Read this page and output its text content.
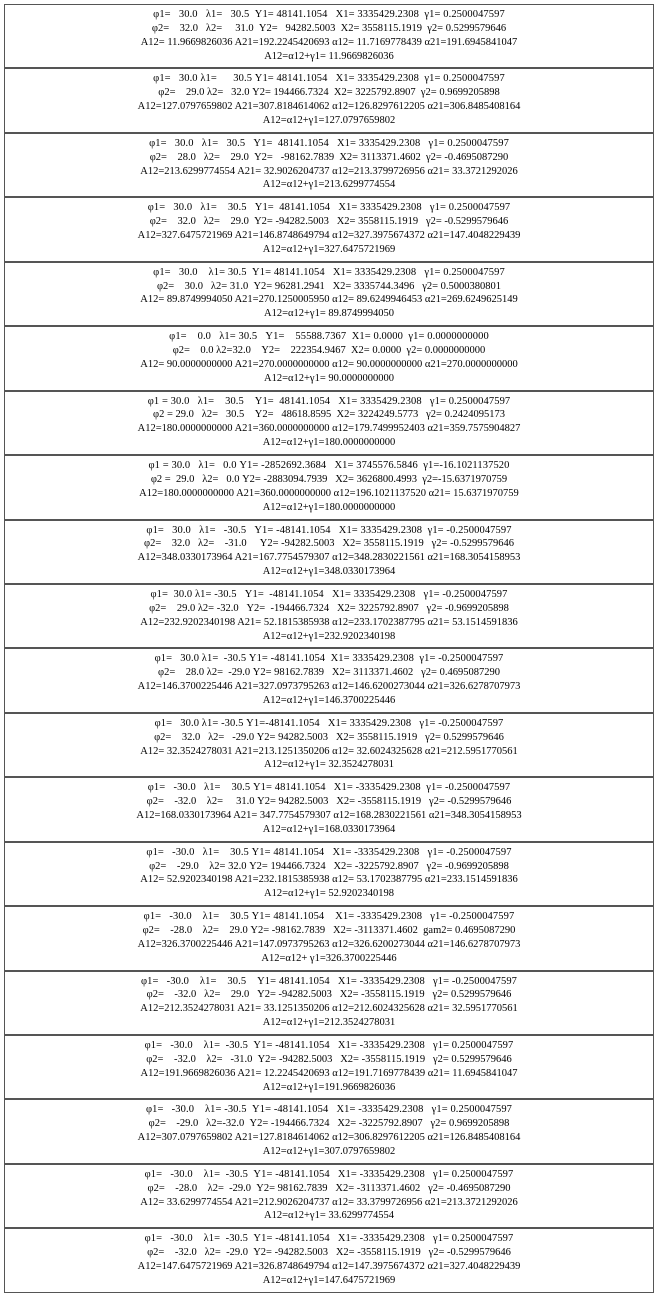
φ1=   30.0   λ1=   30.5  Y1= 48141.1054   X1= 3335429.2308  γ1= 0.2500047597
φ2=    32.0   λ2=     31.0  Y2=   94282.5003  X2= 3558115.1919  γ2= 0.5299579646
A12= 11.9669826036 A21=192.2245420693 α12= 11.7169778439 α21=191.6945841047
A12=α12+γ1= 11.9669826036
φ1=   30.0 λ1=      30.5 Y1= 48141.1054   X1= 3335429.2308  γ1= 0.2500047597
φ2=    29.0 λ2=   32.0 Y2= 194466.7324  X2= 3225792.8907  γ2= 0.9699205898
A12=127.0797659802 A21=307.8184614062 α12=126.8297612205 α21=306.8485408164
A12=α12+γ1=127.0797659802
φ1=   30.0   λ1=   30.5   Y1=  48141.1054   X1= 3335429.2308   γ1= 0.2500047597
φ2=    28.0   λ2=    29.0  Y2=   -98162.7839  X2= 3113371.4602  γ2= -0.4695087290
A12=213.6299774554 A21= 32.9026204737 α12=213.3799726956 α21= 33.3721292026
A12=α12+γ1=213.6299774554
φ1=   30.0   λ1=    30.5   Y1=  48141.1054   X1= 3335429.2308   γ1= 0.2500047597
φ2=    32.0   λ2=    29.0  Y2= -94282.5003   X2= 3558115.1919   γ2= -0.5299579646
A12=327.6475721969 A21=146.8748649794 α12=327.3975674372 α21=147.4048229439
A12=α12+γ1=327.6475721969
φ1=   30.0    λ1= 30.5  Y1= 48141.1054   X1= 3335429.2308   γ1= 0.2500047597
φ2=    30.0   λ2= 31.0  Y2= 96281.2941   X2= 3335744.3496   γ2= 0.5000380801
A12= 89.8749994050 A21=270.1250005950 α12= 89.6249946453 α21=269.6249625149
A12=α12+γ1= 89.8749994050
φ1=    0.0   λ1= 30.5   Y1=    55588.7367  X1= 0.0000  γ1= 0.0000000000
φ2=    0.0 λ2=32.0    Y2=    222354.9467  X2= 0.0000  γ2= 0.0000000000
A12= 90.0000000000 A21=270.0000000000 α12= 90.0000000000 α21=270.0000000000
A12=α12+γ1= 90.0000000000
φ1 = 30.0   λ1=    30.5    Y1=  48141.1054   X1= 3335429.2308   γ1= 0.2500047597
φ2 = 29.0   λ2=   30.5    Y2=   48618.8595  X2= 3224249.5773   γ2= 0.2424095173
A12=180.0000000000 A21=360.0000000000 α12=179.7499952403 α21=359.7575904827
A12=α12+γ1=180.0000000000
φ1 = 30.0   λ1=   0.0 Y1= -2852692.3684   X1= 3745576.5846  γ1=-16.1021137520
φ2 =  29.0   λ2=   0.0 Y2= -2883094.7939   X2= 3626800.4993  γ2=-15.6371970759
A12=180.0000000000 A21=360.0000000000 α12=196.1021137520 α21= 15.6371970759
A12=α12+γ1=180.0000000000
φ1=   30.0   λ1=   -30.5   Y1= -48141.1054   X1= 3335429.2308  γ1= -0.2500047597
φ2=    32.0   λ2=    -31.0     Y2= -94282.5003   X2= 3558115.1919   γ2= -0.5299579646
A12=348.0330173964 A21=167.7754579307 α12=348.2830221561 α21=168.3054158953
A12=α12+γ1=348.0330173964
φ1=  30.0 λ1= -30.5   Y1=  -48141.1054   X1= 3335429.2308   γ1= -0.2500047597
φ2=    29.0 λ2= -32.0   Y2=  -194466.7324   X2= 3225792.8907   γ2= -0.9699205898
A12=232.9202340198 A21= 52.1815385938 α12=233.1702387795 α21= 53.1514591836
A12=α12+γ1=232.9202340198
φ1=   30.0 λ1=  -30.5 Y1= -48141.1054  X1= 3335429.2308  γ1= -0.2500047597
φ2=    28.0 λ2=  -29.0 Y2= 98162.7839   X2= 3113371.4602   γ2= 0.4695087290
A12=146.3700225446 A21=327.0973795263 α12=146.6200273044 α21=326.6278707973
A12=α12+γ1=146.3700225446
φ1=   30.0 λ1= -30.5 Y1=-48141.1054   X1= 3335429.2308   γ1= -0.2500047597
φ2=    32.0   λ2=   -29.0 Y2= 94282.5003   X2= 3558115.1919   γ2= 0.5299579646
A12= 32.3524278031 A21=213.1251350206 α12= 32.6024325628 α21=212.5951770561
A12=α12+γ1= 32.3524278031
φ1=   -30.0   λ1=    30.5 Y1= 48141.1054   X1= -3335429.2308  γ1= -0.2500047597
φ2=    -32.0    λ2=     31.0 Y2= 94282.5003   X2= -3558115.1919   γ2= -0.5299579646
A12=168.0330173964 A21= 347.7754579307 α12=168.2830221561 α21=348.3054158953
A12=α12+γ1=168.0330173964
φ1=   -30.0   λ1=    30.5 Y1= 48141.1054   X1= -3335429.2308   γ1= -0.2500047597
φ2=    -29.0    λ2= 32.0 Y2= 194466.7324   X2= -3225792.8907   γ2= -0.9699205898
A12= 52.9202340198 A21=232.1815385938 α12= 53.1702387795 α21=233.1514591836
A12=α12+γ1= 52.9202340198
φ1=   -30.0    λ1=    30.5 Y1= 48141.1054    X1= -3335429.2308   γ1= -0.2500047597
φ2=    -28.0    λ2=    29.0 Y2= -98162.7839   X2= -3113371.4602  gam2= 0.4695087290
A12=326.3700225446 A21=147.0973795263 α12=326.6200273044 α21=146.6278707973
A12=α12+ γ1=326.3700225446
φ1=   -30.0    λ1=    30.5    Y1= 48141.1054   X1= -3335429.2308   γ1= -0.2500047597
φ2=    -32.0   λ2=    29.0   Y2= -94282.5003   X2= -3558115.1919   γ2= 0.5299579646
A12=212.3524278031 A21= 33.1251350206 α12=212.6024325628 α21= 32.5951770561
A12=α12+γ1=212.3524278031
φ1=   -30.0    λ1=  -30.5  Y1= -48141.1054   X1= -3335429.2308   γ1= 0.2500047597
φ2=    -32.0    λ2=   -31.0  Y2= -94282.5003   X2= -3558115.1919   γ2= 0.5299579646
A12=191.9669826036 A21= 12.2245420693 α12=191.7169778439 α21= 11.6945841047
A12=α12+γ1=191.9669826036
φ1=   -30.0    λ1= -30.5  Y1= -48141.1054   X1= -3335429.2308   γ1= 0.2500047597
φ2=    -29.0   λ2=-32.0  Y2= -194466.7324   X2= -3225792.8907   γ2= 0.9699205898
A12=307.0797659802 A21=127.8184614062 α12=306.8297612205 α21=126.8485408164
A12=α12+γ1=307.0797659802
φ1=   -30.0    λ1=  -30.5  Y1= -48141.1054   X1= -3335429.2308   γ1= 0.2500047597
φ2=    -28.0    λ2=  -29.0  Y2= 98162.7839   X2= -3113371.4602   γ2= -0.4695087290
A12= 33.6299774554 A21=212.9026204737 α12= 33.3799726956 α21=213.3721292026
A12=α12+γ1= 33.6299774554
φ1=   -30.0    λ1=  -30.5  Y1= -48141.1054   X1= -3335429.2308   γ1= 0.2500047597
φ2=    -32.0   λ2=  -29.0  Y2= -94282.5003   X2= -3558115.1919   γ2= -0.5299579646
A12=147.6475721969 A21=326.8748649794 α12=147.3975674372 α21=327.4048229439
A12=α12+γ1=147.6475721969
